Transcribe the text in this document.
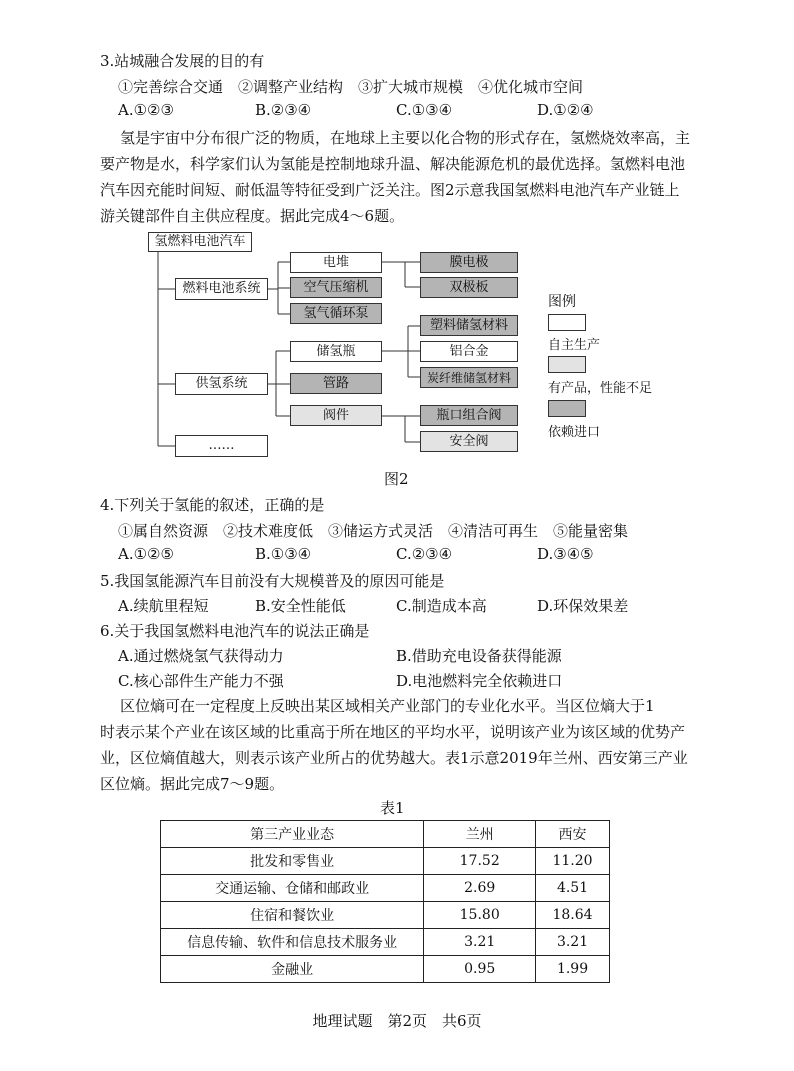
3.站城融合发展的目的有
①完善综合交通　②调整产业结构　③扩大城市规模　④优化城市空间
A.①②③	B.②③④	C.①③④	D.①②④
氢是宇宙中分布很广泛的物质，在地球上主要以化合物的形式存在，氢燃烧效率高，主
要产物是水，科学家们认为氢能是控制地球升温、解决能源危机的最优选择。氢燃料电池
汽车因充能时间短、耐低温等特征受到广泛关注。图2示意我国氢燃料电池汽车产业链上
游关键部件自主供应程度。据此完成4～6题。
氢燃料电池汽车
燃料电池系统
电堆	膜电极
双极板
空气压缩机
氢气循环泵
供氢系统
储氢瓶
塑料储氢材料
铝合金
炭纤维储氢材料
管路
阀件	瓶口组合阀
安全阀
……
图例
自主生产
有产品，性能不足
依赖进口
图2
4.下列关于氢能的叙述，正确的是
①属自然资源　②技术难度低　③储运方式灵活　④清洁可再生　⑤能量密集
A.①②⑤	B.①③④	C.②③④	D.③④⑤
5.我国氢能源汽车目前没有大规模普及的原因可能是
A.续航里程短	B.安全性能低	C.制造成本高	D.环保效果差
6.关于我国氢燃料电池汽车的说法正确是
A.通过燃烧氢气获得动力	B.借助充电设备获得能源
C.核心部件生产能力不强	D.电池燃料完全依赖进口
区位熵可在一定程度上反映出某区域相关产业部门的专业化水平。当区位熵大于1
时表示某个产业在该区域的比重高于所在地区的平均水平，说明该产业为该区域的优势产
业，区位熵值越大，则表示该产业所占的优势越大。表1示意2019年兰州、西安第三产业
区位熵。据此完成7～9题。
表1
第三产业业态	兰州	西安
批发和零售业	17.52	11.20
交通运输、仓储和邮政业	2.69	4.51
住宿和餐饮业	15.80	18.64
信息传输、软件和信息技术服务业	3.21	3.21
金融业	0.95	1.99
地理试题　第2页　共6页
